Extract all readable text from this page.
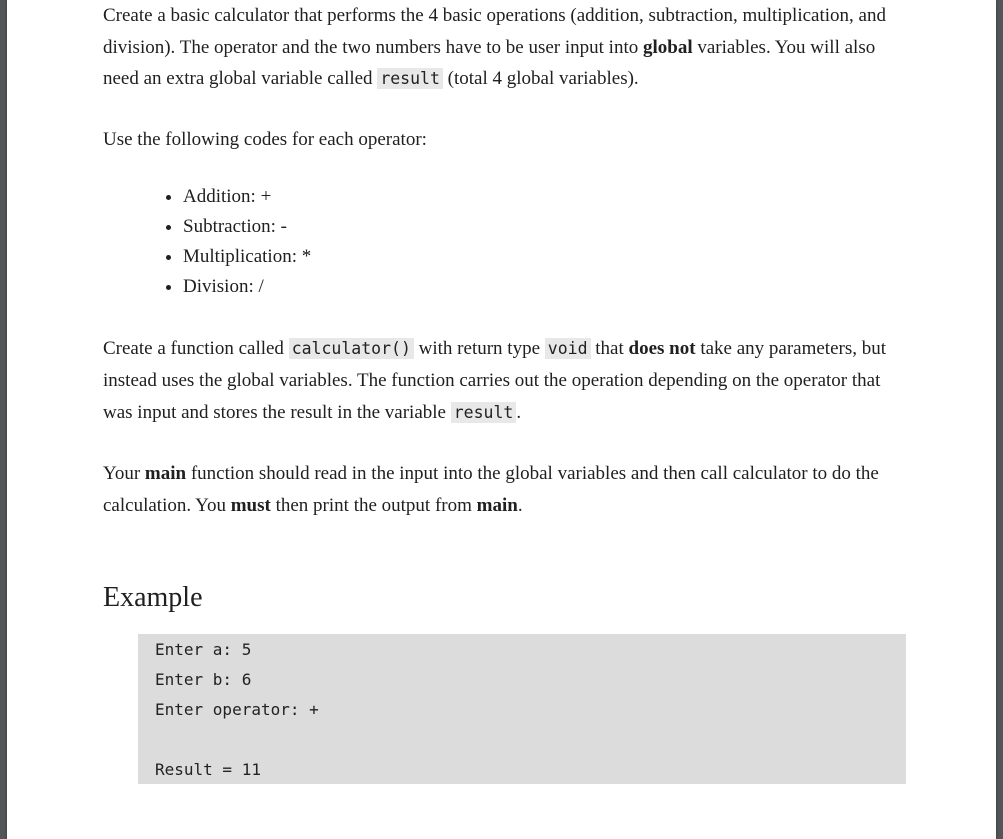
Create a basic calculator that performs the 4 basic operations (addition, subtraction, multiplication, and division). The operator and the two numbers have to be user input into global variables. You will also need an extra global variable called result (total 4 global variables).

Use the following codes for each operator:

• Addition: +
• Subtraction: -
• Multiplication: *
• Division: /

Create a function called calculator() with return type void that does not take any parameters, but instead uses the global variables. The function carries out the operation depending on the operator that was input and stores the result in the variable result .

Your main function should read in the input into the global variables and then call calculator to do the calculation. You must then print the output from main.

Example
Enter a: 5
Enter b: 6
Enter operator: +
Result = 11
